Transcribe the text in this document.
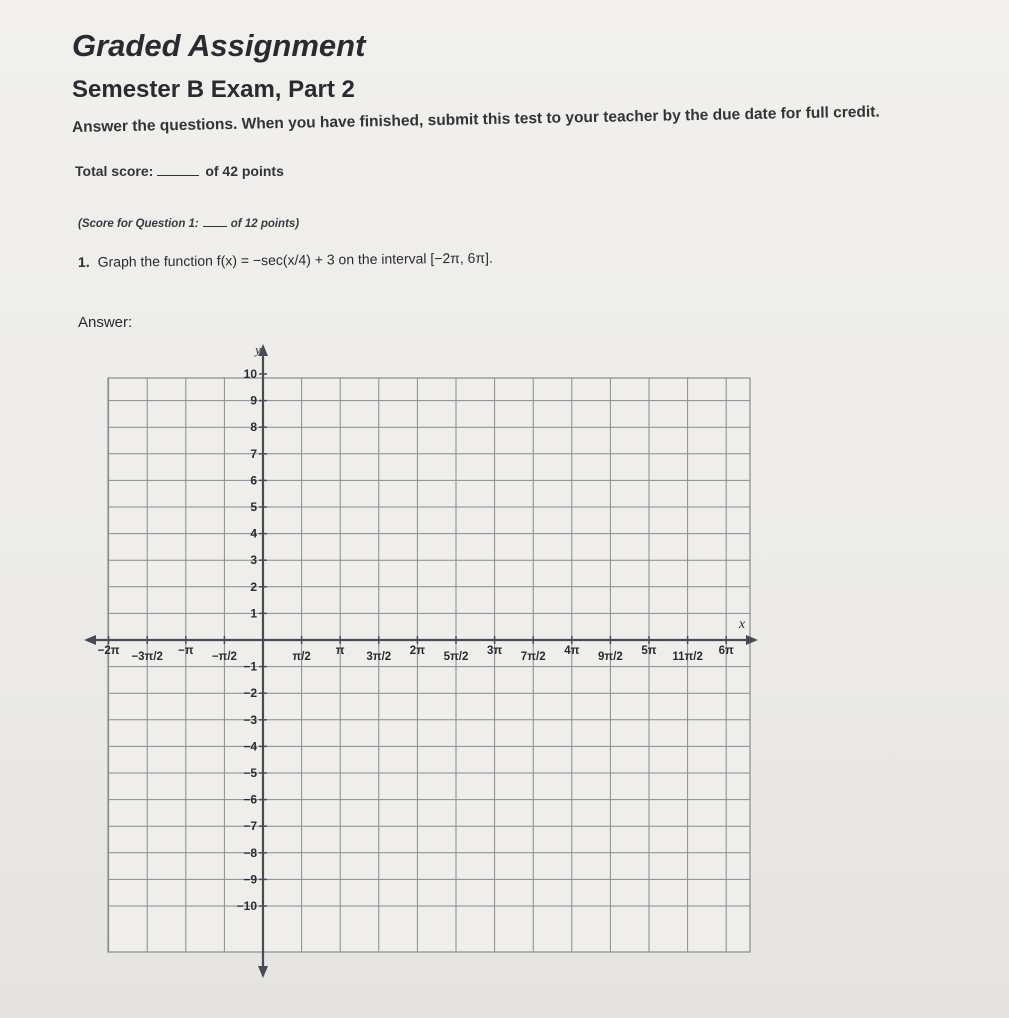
Graded Assignment
Semester B Exam, Part 2
Answer the questions. When you have finished, submit this test to your teacher by the due date for full credit.
Total score:	of 42 points
(Score for Question 1:	of 12 points)
1. Graph the function f(x) = −sec(x/4) + 3 on the interval [−2π, 6π].
Answer:
x
y
−2π −3π/2 −π −π/2	π/2 π 3π/2 2π 5π/2 3π 7π/2 4π 9π/2 5π 11π/2 6π
10
9
8
7
6
5
4
3
2
1
−1
−2
−3
−4
−5
−6
−7
−8
−9
−10
